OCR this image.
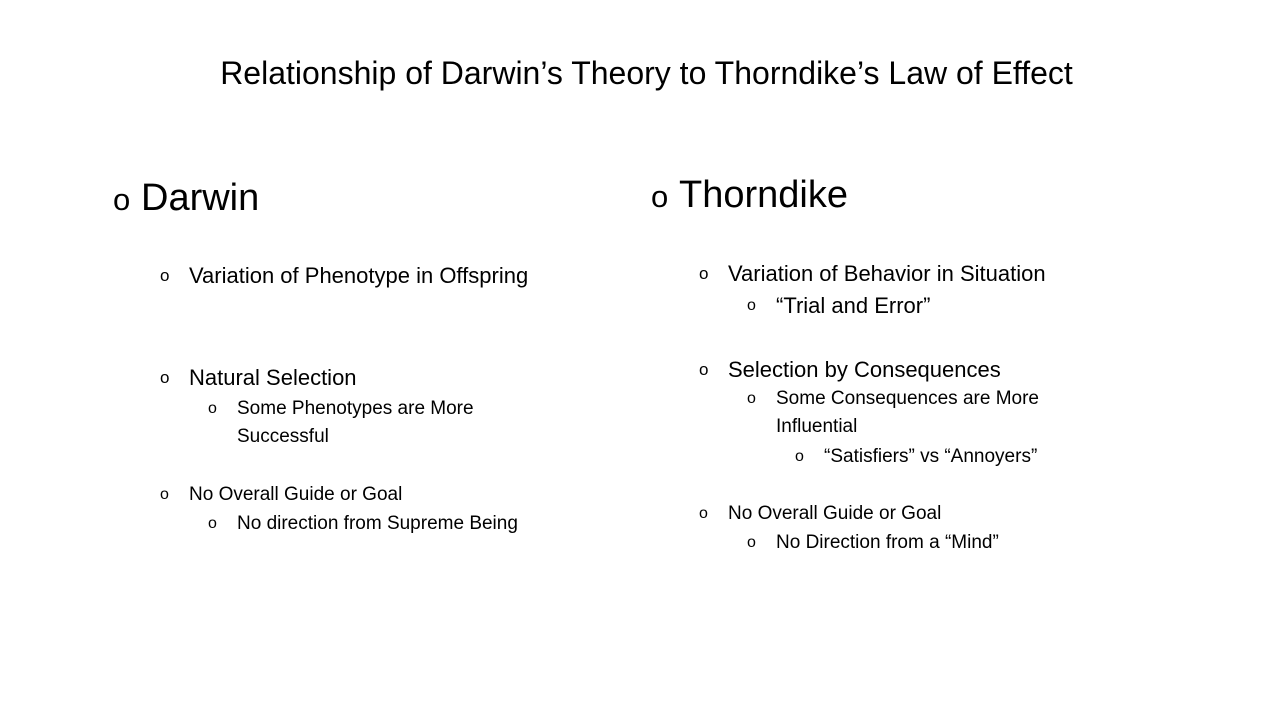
Relationship of Darwin’s Theory to Thorndike’s Law of Effect
o Darwin
o Variation of Phenotype in Offspring
o Natural Selection
o Some Phenotypes are More Successful
o No Overall Guide or Goal
o No direction from Supreme Being
o Thorndike
o Variation of Behavior in Situation
o “Trial and Error”
o Selection by Consequences
o Some Consequences are More Influential
o “Satisfiers” vs “Annoyers”
o No Overall Guide or Goal
o No Direction from a “Mind”
